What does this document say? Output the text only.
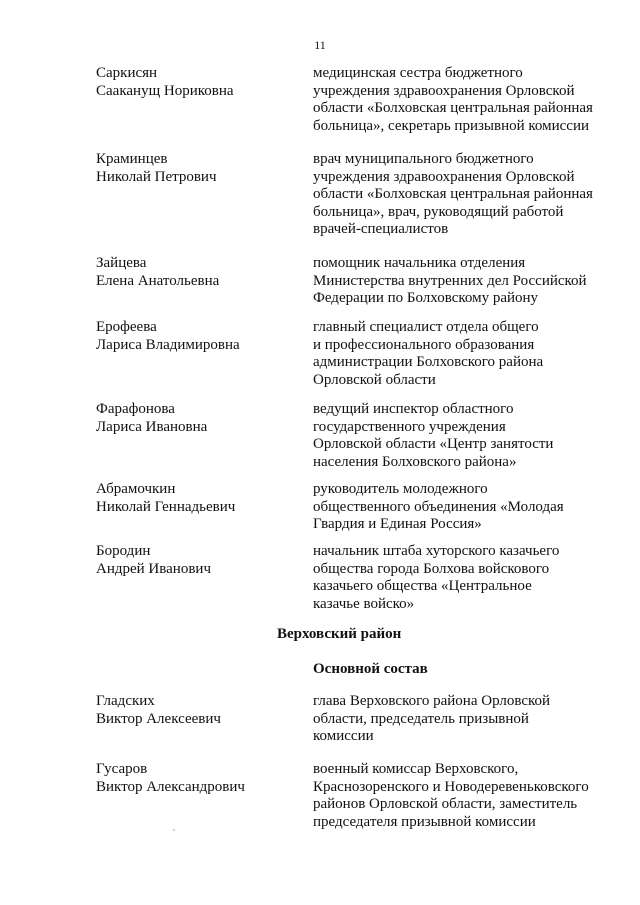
11
Саркисян
Сааканущ Нориковна
медицинская сестра бюджетного
учреждения здравоохранения Орловской
области «Болховская центральная районная
больница», секретарь призывной комиссии
Краминцев
Николай Петрович
врач муниципального бюджетного
учреждения здравоохранения Орловской
области «Болховская центральная районная
больница», врач, руководящий работой
врачей-специалистов
Зайцева
Елена Анатольевна
помощник начальника отделения
Министерства внутренних дел Российской
Федерации по Болховскому району
Ерофеева
Лариса Владимировна
главный специалист отдела общего
и профессионального образования
администрации Болховского района
Орловской области
Фарафонова
Лариса Ивановна
ведущий инспектор областного
государственного учреждения
Орловской области «Центр занятости
населения Болховского района»
Абрамочкин
Николай Геннадьевич
руководитель молодежного
общественного объединения «Молодая
Гвардия и Единая Россия»
Бородин
Андрей Иванович
начальник штаба хуторского казачьего
общества города Болхова войскового
казачьего общества «Центральное
казачье войско»
Верховский район
Основной состав
Гладских
Виктор Алексеевич
глава Верховского района Орловской
области, председатель призывной
комиссии
Гусаров
Виктор Александрович
военный комиссар Верховского,
Краснозоренского и Новодеревеньковского
районов Орловской области, заместитель
председателя призывной комиссии
